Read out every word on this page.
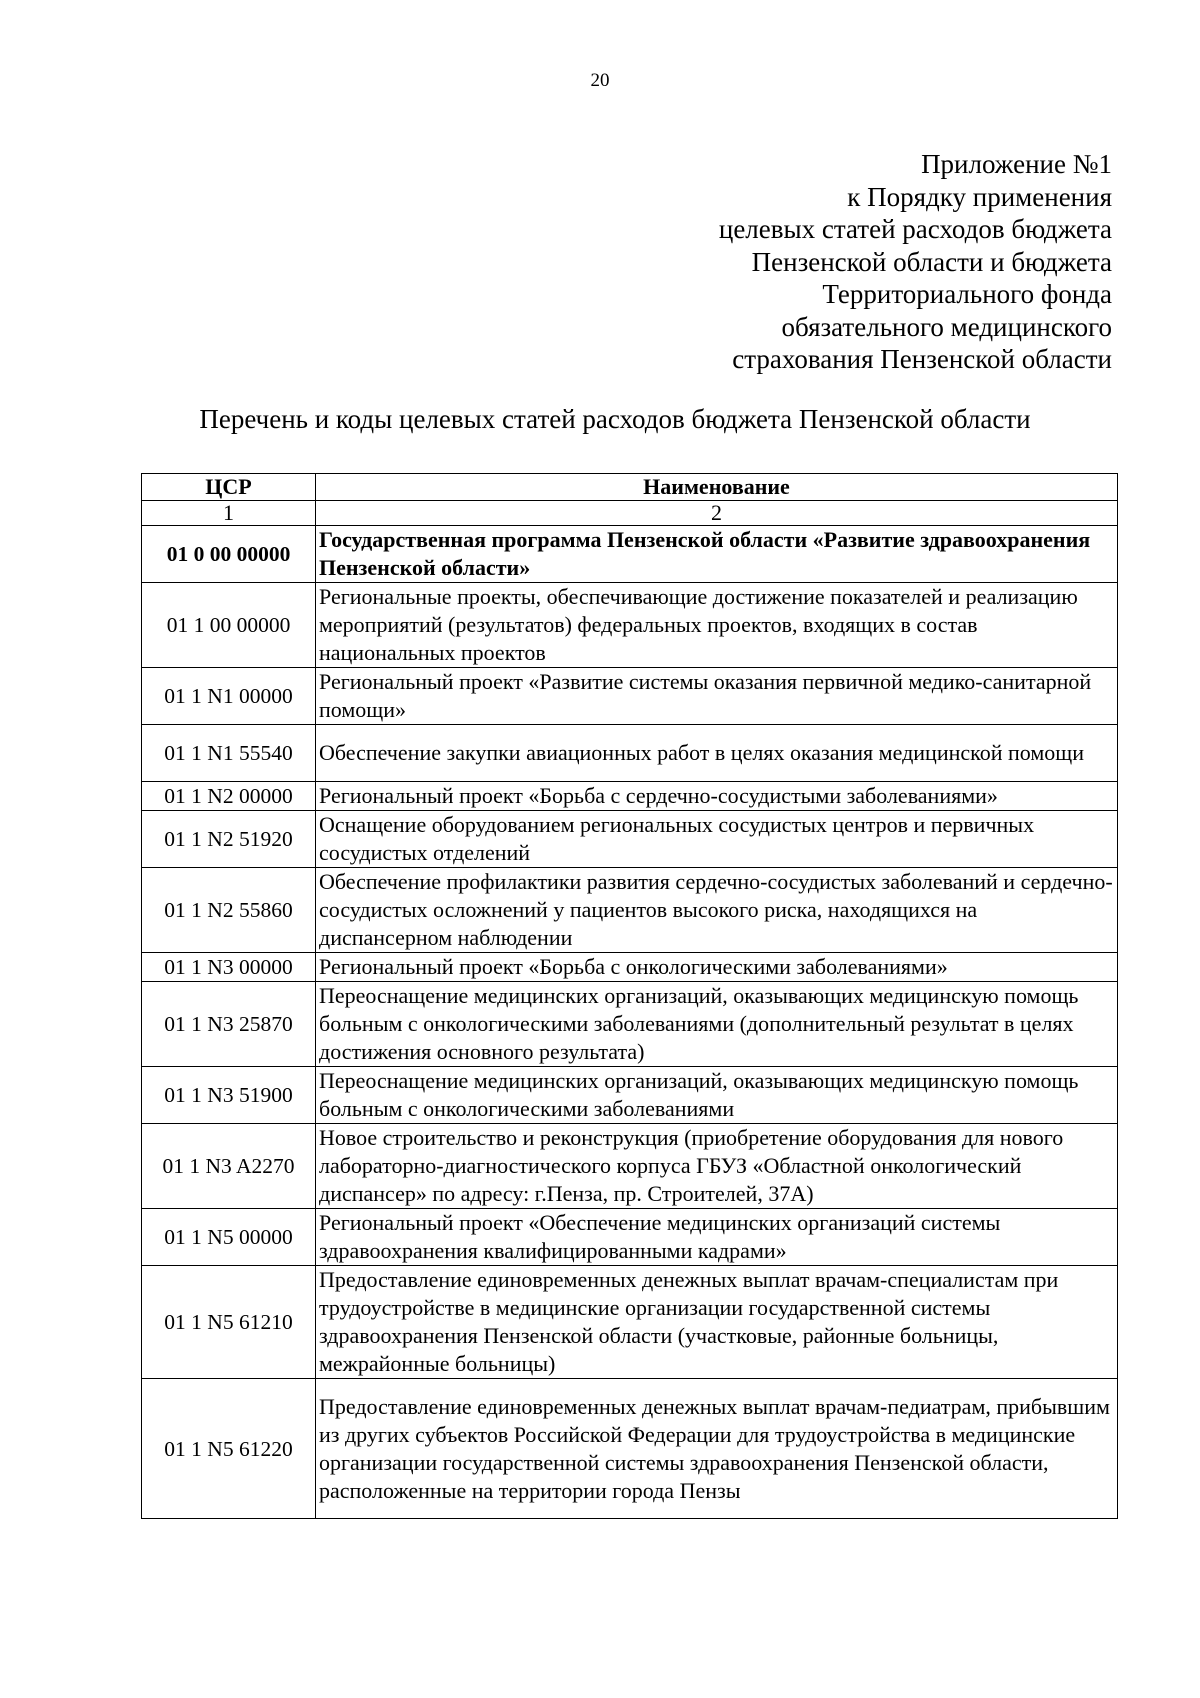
20
Приложение №1
к Порядку применения
целевых статей расходов бюджета
Пензенской области и бюджета
Территориального фонда
обязательного медицинского
страхования Пензенской области
Перечень и коды целевых статей расходов бюджета Пензенской области
ЦСР	Наименование
1	2
01 0 00 00000	Государственная программа Пензенской области «Развитие здравоохранения Пензенской области»
01 1 00 00000	Региональные проекты, обеспечивающие достижение показателей и реализацию мероприятий (результатов) федеральных проектов, входящих в состав национальных проектов
01 1 N1 00000	Региональный проект «Развитие системы оказания первичной медико-санитарной помощи»
01 1 N1 55540	Обеспечение закупки авиационных работ в целях оказания медицинской помощи
01 1 N2 00000	Региональный проект «Борьба с сердечно-сосудистыми заболеваниями»
01 1 N2 51920	Оснащение оборудованием региональных сосудистых центров и первичных сосудистых отделений
01 1 N2 55860	Обеспечение профилактики развития сердечно-сосудистых заболеваний и сердечно-сосудистых осложнений у пациентов высокого риска, находящихся на диспансерном наблюдении
01 1 N3 00000	Региональный проект «Борьба с онкологическими заболеваниями»
01 1 N3 25870	Переоснащение медицинских организаций, оказывающих медицинскую помощь больным с онкологическими заболеваниями (дополнительный результат в целях достижения основного результата)
01 1 N3 51900	Переоснащение медицинских организаций, оказывающих медицинскую помощь больным с онкологическими заболеваниями
01 1 N3 A2270	Новое строительство и реконструкция (приобретение оборудования для нового лабораторно-диагностического корпуса ГБУЗ «Областной онкологический диспансер» по адресу: г.Пенза, пр. Строителей, 37А)
01 1 N5 00000	Региональный проект «Обеспечение медицинских организаций системы здравоохранения квалифицированными кадрами»
01 1 N5 61210	Предоставление единовременных денежных выплат врачам-специалистам при трудоустройстве в медицинские организации государственной системы здравоохранения Пензенской области (участковые, районные больницы, межрайонные больницы)
01 1 N5 61220	Предоставление единовременных денежных выплат врачам-педиатрам, прибывшим из других субъектов Российской Федерации для трудоустройства в медицинские организации государственной системы здравоохранения Пензенской области, расположенные на территории города Пензы
